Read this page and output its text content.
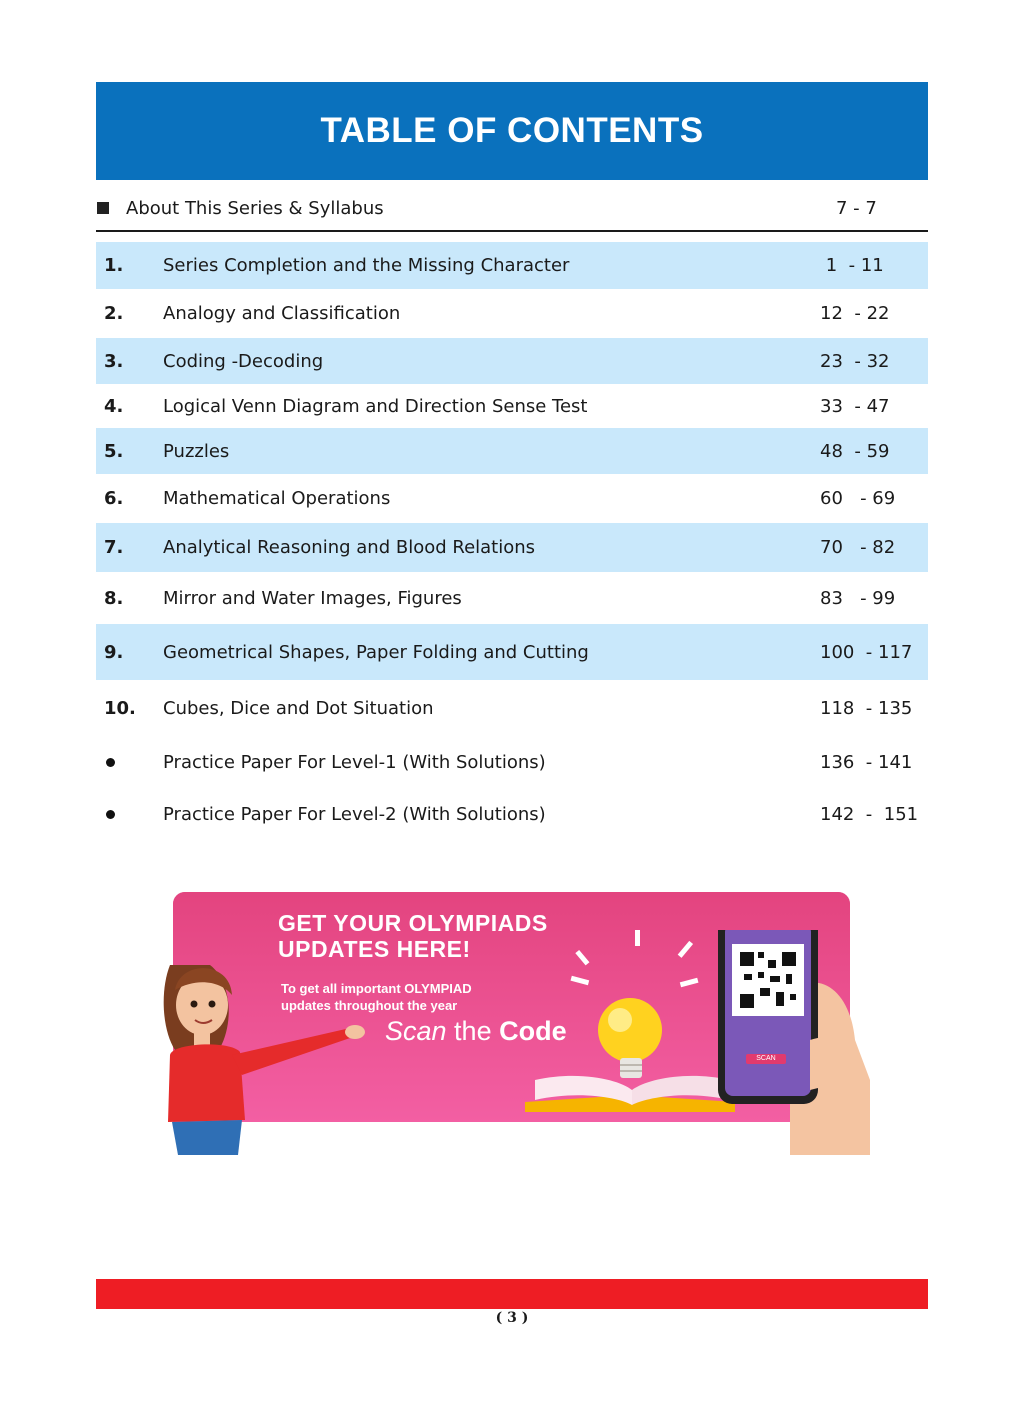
TABLE OF CONTENTS
About This Series & Syllabus	7 - 7
1. Series Completion and the Missing Character	1  - 11
2. Analogy and Classification	12  - 22
3. Coding -Decoding	23  - 32
4. Logical Venn Diagram and Direction Sense Test	33  - 47
5. Puzzles	48  - 59
6. Mathematical Operations	60   - 69
7. Analytical Reasoning and Blood Relations	70   - 82
8. Mirror and Water Images, Figures	83   - 99
9. Geometrical Shapes, Paper Folding and Cutting	100  - 117
10. Cubes, Dice and Dot Situation	118  - 135
Practice Paper For Level-1 (With Solutions)	136  - 141
Practice Paper For Level-2 (With Solutions)	142  -  151
GET YOUR OLYMPIADS
UPDATES HERE!
To get all important OLYMPIAD
updates throughout the year
Scan the Code
SCAN
( 3 )
